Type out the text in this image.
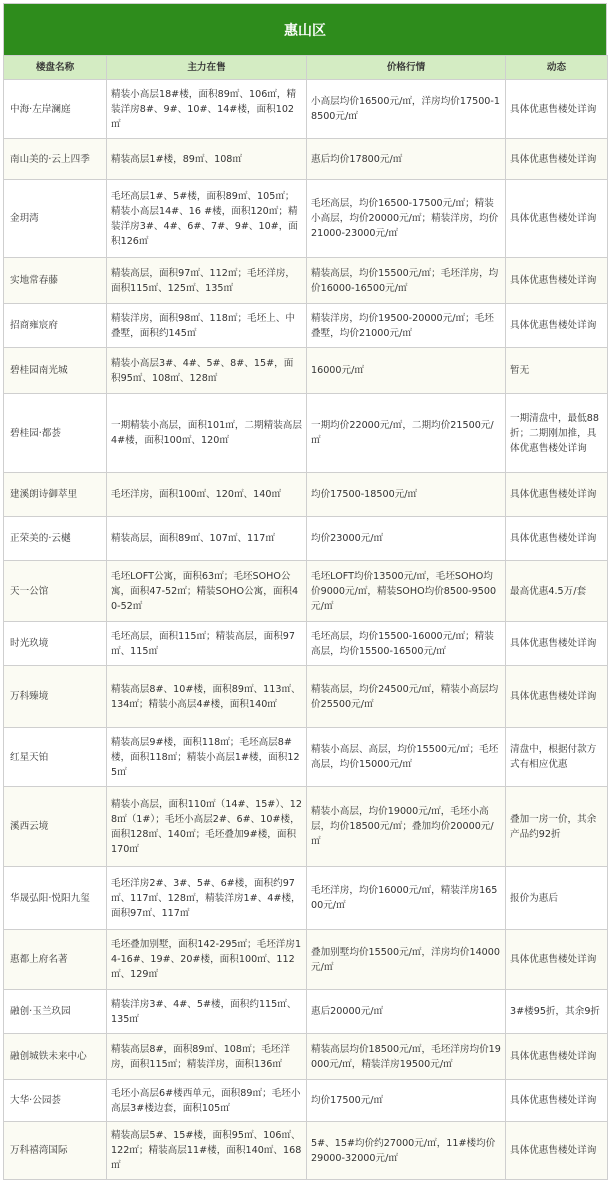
惠山区
楼盘名称	主力在售	价格行情	动态
中海·左岸澜庭	精装小高层18#楼，面积89㎡、106㎡，精装洋房8#、9#、10#、14#楼，面积102㎡	小高层均价16500元/㎡，洋房均价17500-18500元/㎡	具体优惠售楼处详询
南山美的·云上四季	精装高层1#楼，89㎡、108㎡	惠后均价17800元/㎡	具体优惠售楼处详询
金玥湾	毛坯高层1#、5#楼，面积89㎡、105㎡；精装小高层14#、16 #楼，面积120㎡；精装洋房3#、4#、6#、7#、9#、10#，面积126㎡	毛坯高层，均价16500-17500元/㎡；精装小高层，均价20000元/㎡；精装洋房，均价21000-23000元/㎡	具体优惠售楼处详询
实地常春藤	精装高层，面积97㎡、112㎡；毛坯洋房，面积115㎡、125㎡、135㎡	精装高层，均价15500元/㎡；毛坯洋房，均价16000-16500元/㎡	具体优惠售楼处详询
招商雍宸府	精装洋房，面积98㎡、118㎡；毛坯上、中叠墅，面积约145㎡	精装洋房，均价19500-20000元/㎡；毛坯叠墅，均价21000元/㎡	具体优惠售楼处详询
碧桂园南光城	精装小高层3#、4#、5#、8#、15#，面积95㎡、108㎡、128㎡	16000元/㎡	暂无
碧桂园·都荟	一期精装小高层，面积101㎡，二期精装高层4#楼，面积100㎡、120㎡	一期均价22000元/㎡，二期均价21500元/㎡	一期清盘中，最低88折；二期刚加推，具体优惠售楼处详询
建溪朗诗御萃里	毛坯洋房，面积100㎡、120㎡、140㎡	均价17500-18500元/㎡	具体优惠售楼处详询
正荣美的·云樾	精装高层，面积89㎡、107㎡、117㎡	均价23000元/㎡	具体优惠售楼处详询
天一公馆	毛坯LOFT公寓，面积63㎡；毛坯SOHO公寓，面积47-52㎡；精装SOHO公寓，面积40-52㎡	毛坯LOFT均价13500元/㎡，毛坯SOHO均价9000元/㎡，精装SOHO均价8500-9500元/㎡	最高优惠4.5万/套
时光玖境	毛坯高层，面积115㎡；精装高层，面积97㎡、115㎡	毛坯高层，均价15500-16000元/㎡；精装高层，均价15500-16500元/㎡	具体优惠售楼处详询
万科臻境	精装高层8#、10#楼，面积89㎡、113㎡、134㎡；精装小高层4#楼，面积140㎡	精装高层，均价24500元/㎡，精装小高层均价25500元/㎡	具体优惠售楼处详询
红星天铂	精装高层9#楼，面积118㎡；毛坯高层8#楼，面积118㎡；精装小高层1#楼，面积125㎡	精装小高层、高层，均价15500元/㎡；毛坯高层，均价15000元/㎡	清盘中，根据付款方式有相应优惠
溪西云境	精装小高层，面积110㎡（14#、15#）、128㎡（1#）；毛坯小高层2#、6#、10#楼，面积128㎡、140㎡；毛坯叠加9#楼，面积170㎡	精装小高层，均价19000元/㎡，毛坯小高层，均价18500元/㎡；叠加均价20000元/㎡	叠加一房一价，其余产品约92折
华晟弘阳·悦阳九玺	毛坯洋房2#、3#、5#、6#楼，面积约97㎡、117㎡、128㎡，精装洋房1#、4#楼，面积97㎡、117㎡	毛坯洋房，均价16000元/㎡，精装洋房16500元/㎡	报价为惠后
惠都上府名著	毛坯叠加别墅，面积142-295㎡；毛坯洋房14-16#、19#、20#楼，面积100㎡、112㎡、129㎡	叠加别墅均价15500元/㎡，洋房均价14000元/㎡	具体优惠售楼处详询
融创·玉兰玖园	精装洋房3#、4#、5#楼，面积约115㎡、135㎡	惠后20000元/㎡	3#楼95折，其余9折
融创城铁未来中心	精装高层8#，面积89㎡、108㎡；毛坯洋房，面积115㎡；精装洋房，面积136㎡	精装高层均价18500元/㎡，毛坯洋房均价19000元/㎡，精装洋房19500元/㎡	具体优惠售楼处详询
大华·公园荟	毛坯小高层6#楼西单元，面积89㎡；毛坯小高层3#楼边套，面积105㎡	均价17500元/㎡	具体优惠售楼处详询
万科禧湾国际	精装高层5#、15#楼，面积95㎡、106㎡、122㎡；精装高层11#楼，面积140㎡、168㎡	5#、15#均价约27000元/㎡，11#楼均价29000-32000元/㎡	具体优惠售楼处详询
